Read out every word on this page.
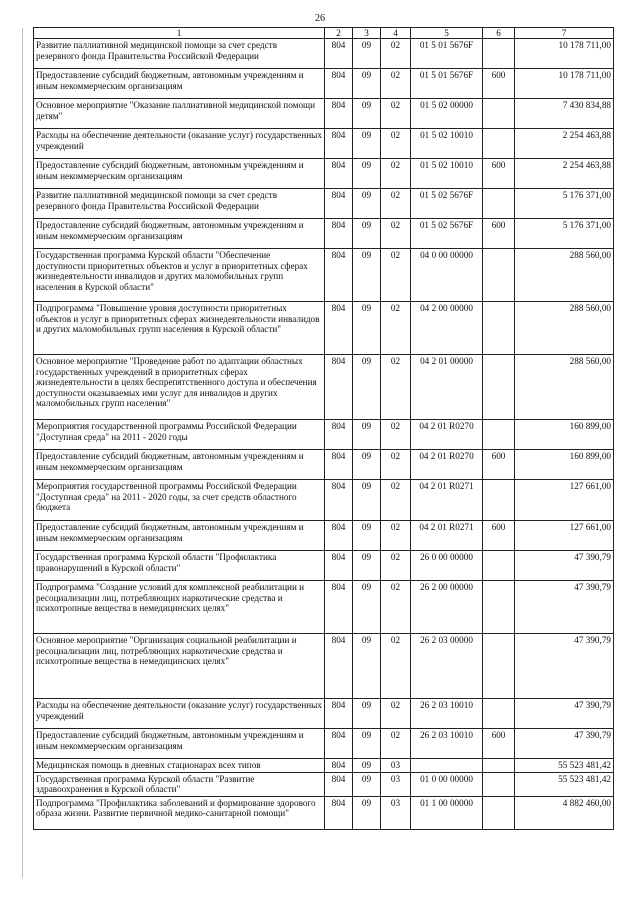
26
1	2	3	4	5	6	7
Развитие паллиативной медицинской помощи за счет средств резервного фонда Правительства Российской Федерации	804	09	02	01 5 01 5676F		10 178 711,00
Предоставление субсидий бюджетным, автономным учреждениям и иным некоммерческим организациям	804	09	02	01 5 01 5676F	600	10 178 711,00
Основное мероприятие "Оказание паллиативной медицинской помощи детям"	804	09	02	01 5 02 00000		7 430 834,88
Расходы на обеспечение деятельности (оказание услуг) государственных учреждений	804	09	02	01 5 02 10010		2 254 463,88
Предоставление субсидий бюджетным, автономным учреждениям и иным некоммерческим организациям	804	09	02	01 5 02 10010	600	2 254 463,88
Развитие паллиативной медицинской помощи за счет средств резервного фонда Правительства Российской Федерации	804	09	02	01 5 02 5676F		5 176 371,00
Предоставление субсидий бюджетным, автономным учреждениям и иным некоммерческим организациям	804	09	02	01 5 02 5676F	600	5 176 371,00
Государственная программа Курской области "Обеспечение доступности приоритетных объектов и услуг в приоритетных сферах жизнедеятельности инвалидов и других маломобильных групп населения в Курской области"	804	09	02	04 0 00 00000		288 560,00
Подпрограмма "Повышение уровня доступности приоритетных объектов и услуг в приоритетных сферах жизнедеятельности инвалидов и других маломобильных групп населения в Курской области"	804	09	02	04 2 00 00000		288 560,00
Основное мероприятие "Проведение работ по адаптации областных государственных учреждений в приоритетных сферах жизнедеятельности в целях беспрепятственного доступа и обеспечения доступности оказываемых ими услуг для инвалидов и других маломобильных групп населения"	804	09	02	04 2 01 00000		288 560,00
Мероприятия государственной программы Российской Федерации "Доступная среда" на 2011 - 2020 годы	804	09	02	04 2 01 R0270		160 899,00
Предоставление субсидий бюджетным, автономным учреждениям и иным некоммерческим организациям	804	09	02	04 2 01 R0270	600	160 899,00
Мероприятия государственной программы Российской Федерации "Доступная среда" на 2011 - 2020 годы, за счет средств областного бюджета	804	09	02	04 2 01 R0271		127 661,00
Предоставление субсидий бюджетным, автономным учреждениям и иным некоммерческим организациям	804	09	02	04 2 01 R0271	600	127 661,00
Государственная программа Курской области "Профилактика правонарушений в Курской области"	804	09	02	26 0 00 00000		47 390,79
Подпрограмма "Создание условий для комплексной реабилитации и ресоциализации лиц, потребляющих наркотические средства и психотропные вещества в немедицинских целях"	804	09	02	26 2 00 00000		47 390,79
Основное мероприятие "Организация социальной реабилитации и ресоциализации лиц, потребляющих наркотические средства и психотропные вещества в немедицинских целях"	804	09	02	26 2 03 00000		47 390,79
Расходы на обеспечение деятельности (оказание услуг) государственных учреждений	804	09	02	26 2 03 10010		47 390,79
Предоставление субсидий бюджетным, автономным учреждениям и иным некоммерческим организациям	804	09	02	26 2 03 10010	600	47 390,79
Медицинская помощь в дневных стационарах всех типов	804	09	03			55 523 481,42
Государственная программа Курской области "Развитие здравоохранения в Курской области"	804	09	03	01 0 00 00000		55 523 481,42
Подпрограмма "Профилактика заболеваний и формирование здорового образа жизни. Развитие первичной медико-санитарной помощи"	804	09	03	01 1 00 00000		4 882 460,00
